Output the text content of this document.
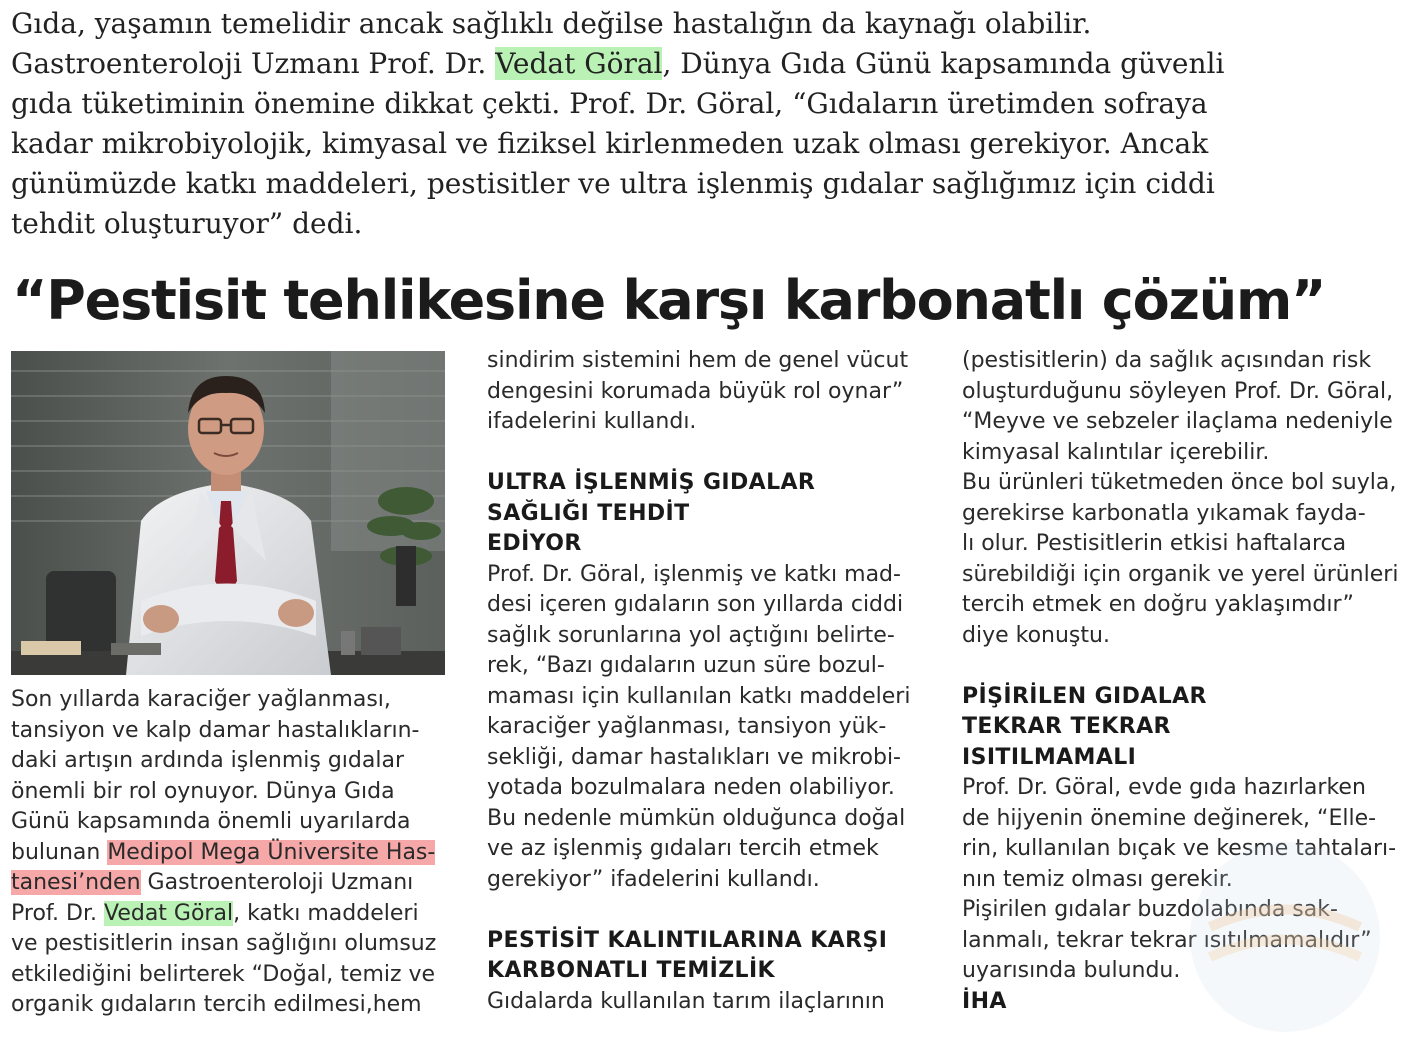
Gıda, yaşamın temelidir ancak sağlıklı değilse hastalığın da kaynağı olabilir.
Gastroenteroloji Uzmanı Prof. Dr. Vedat Göral, Dünya Gıda Günü kapsamında güvenli
gıda tüketiminin önemine dikkat çekti. Prof. Dr. Göral, “Gıdaların üretimden sofraya
kadar mikrobiyolojik, kimyasal ve fiziksel kirlenmeden uzak olması gerekiyor. Ancak
günümüzde katkı maddeleri, pestisitler ve ultra işlenmiş gıdalar sağlığımız için ciddi
tehdit oluşturuyor” dedi.
“Pestisit tehlikesine karşı karbonatlı çözüm”
Son yıllarda karaciğer yağlanması,
tansiyon ve kalp damar hastalıkların-
daki artışın ardında işlenmiş gıdalar
önemli bir rol oynuyor. Dünya Gıda
Günü kapsamında önemli uyarılarda
bulunan Medipol Mega Üniversite Has-
tanesi’nden Gastroenteroloji Uzmanı
Prof. Dr. Vedat Göral, katkı maddeleri
ve pestisitlerin insan sağlığını olumsuz
etkilediğini belirterek “Doğal, temiz ve
organik gıdaların tercih edilmesi,hem
sindirim sistemini hem de genel vücut
dengesini korumada büyük rol oynar”
ifadelerini kullandı.
ULTRA İŞLENMİŞ GIDALAR
SAĞLIĞI TEHDİT
EDİYOR
Prof. Dr. Göral, işlenmiş ve katkı mad-
desi içeren gıdaların son yıllarda ciddi
sağlık sorunlarına yol açtığını belirte-
rek, “Bazı gıdaların uzun süre bozul-
maması için kullanılan katkı maddeleri
karaciğer yağlanması, tansiyon yük-
sekliği, damar hastalıkları ve mikrobi-
yotada bozulmalara neden olabiliyor.
Bu nedenle mümkün olduğunca doğal
ve az işlenmiş gıdaları tercih etmek
gerekiyor” ifadelerini kullandı.
PESTİSİT KALINTILARINA KARŞI
KARBONATLI TEMİZLİK
Gıdalarda kullanılan tarım ilaçlarının
(pestisitlerin) da sağlık açısından risk
oluşturduğunu söyleyen Prof. Dr. Göral,
“Meyve ve sebzeler ilaçlama nedeniyle
kimyasal kalıntılar içerebilir.
Bu ürünleri tüketmeden önce bol suyla,
gerekirse karbonatla yıkamak fayda-
lı olur. Pestisitlerin etkisi haftalarca
sürebildiği için organik ve yerel ürünleri
tercih etmek en doğru yaklaşımdır”
diye konuştu.
PİŞİRİLEN GIDALAR
TEKRAR TEKRAR
ISITILMAMALI
Prof. Dr. Göral, evde gıda hazırlarken
de hijyenin önemine değinerek, “Elle-
rin, kullanılan bıçak ve kesme tahtaları-
nın temiz olması gerekir.
Pişirilen gıdalar buzdolabında sak-
lanmalı, tekrar tekrar ısıtılmamalıdır”
uyarısında bulundu.
İHA
